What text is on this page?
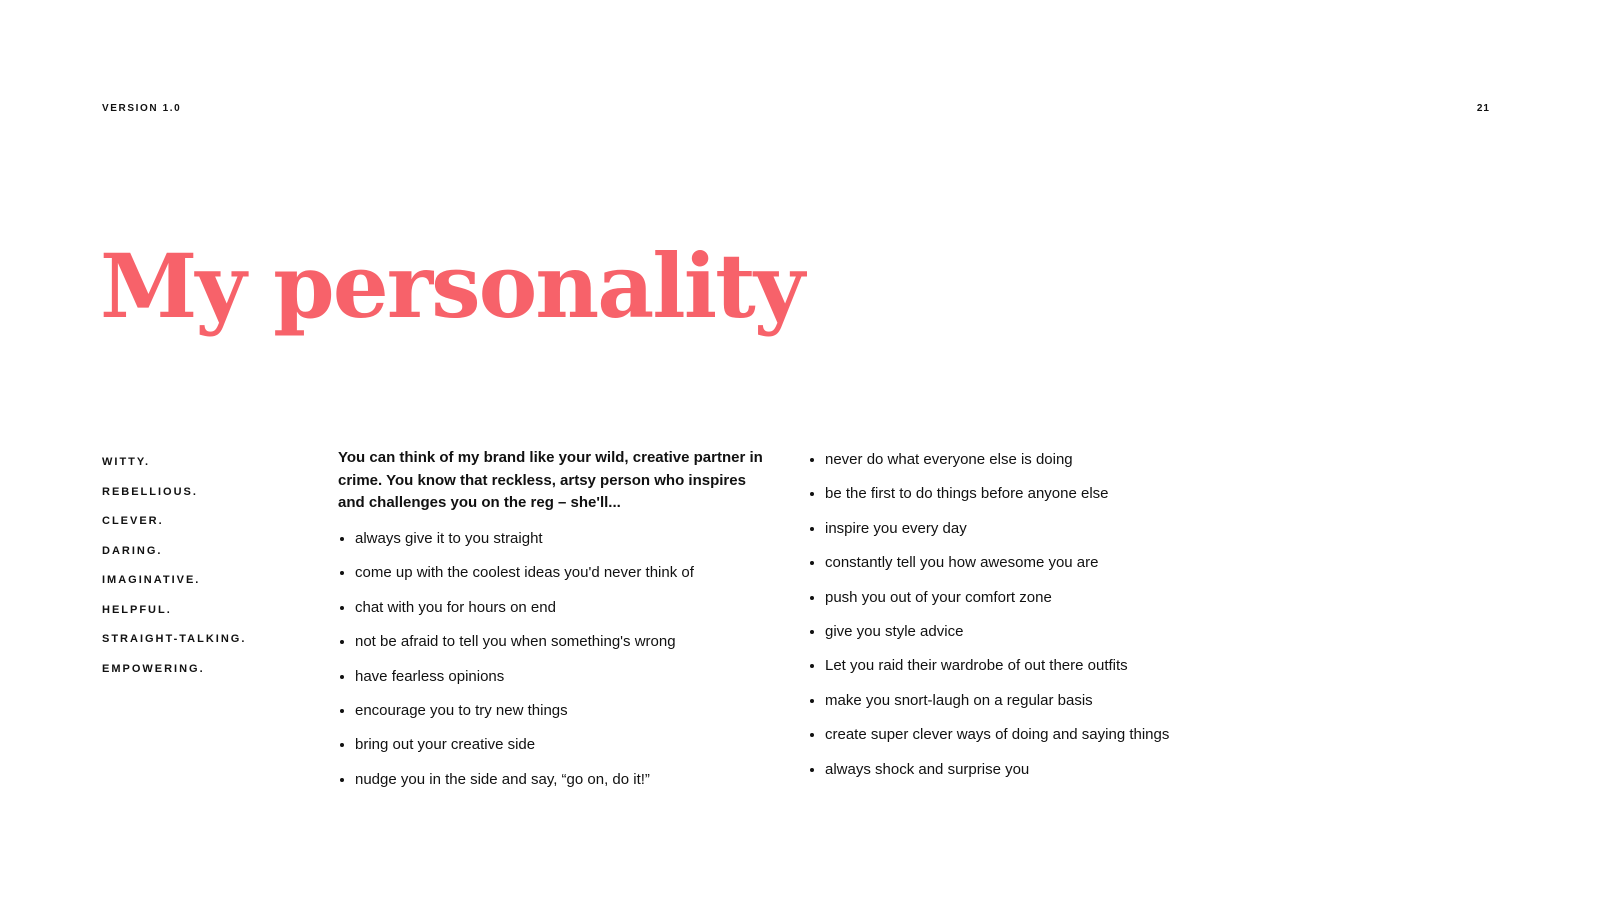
VERSION 1.0	21
My personality
WITTY.
REBELLIOUS.
CLEVER.
DARING.
IMAGINATIVE.
HELPFUL.
STRAIGHT-TALKING.
EMPOWERING.

You can think of my brand like your wild, creative partner in crime. You know that reckless, artsy person who inspires and challenges you on the reg – she'll...

always give it to you straight
come up with the coolest ideas you'd never think of
chat with you for hours on end
not be afraid to tell you when something's wrong
have fearless opinions
encourage you to try new things
bring out your creative side
nudge you in the side and say, “go on, do it!”
never do what everyone else is doing
be the first to do things before anyone else
inspire you every day
constantly tell you how awesome you are
push you out of your comfort zone
give you style advice
Let you raid their wardrobe of out there outfits
make you snort-laugh on a regular basis
create super clever ways of doing and saying things
always shock and surprise you
